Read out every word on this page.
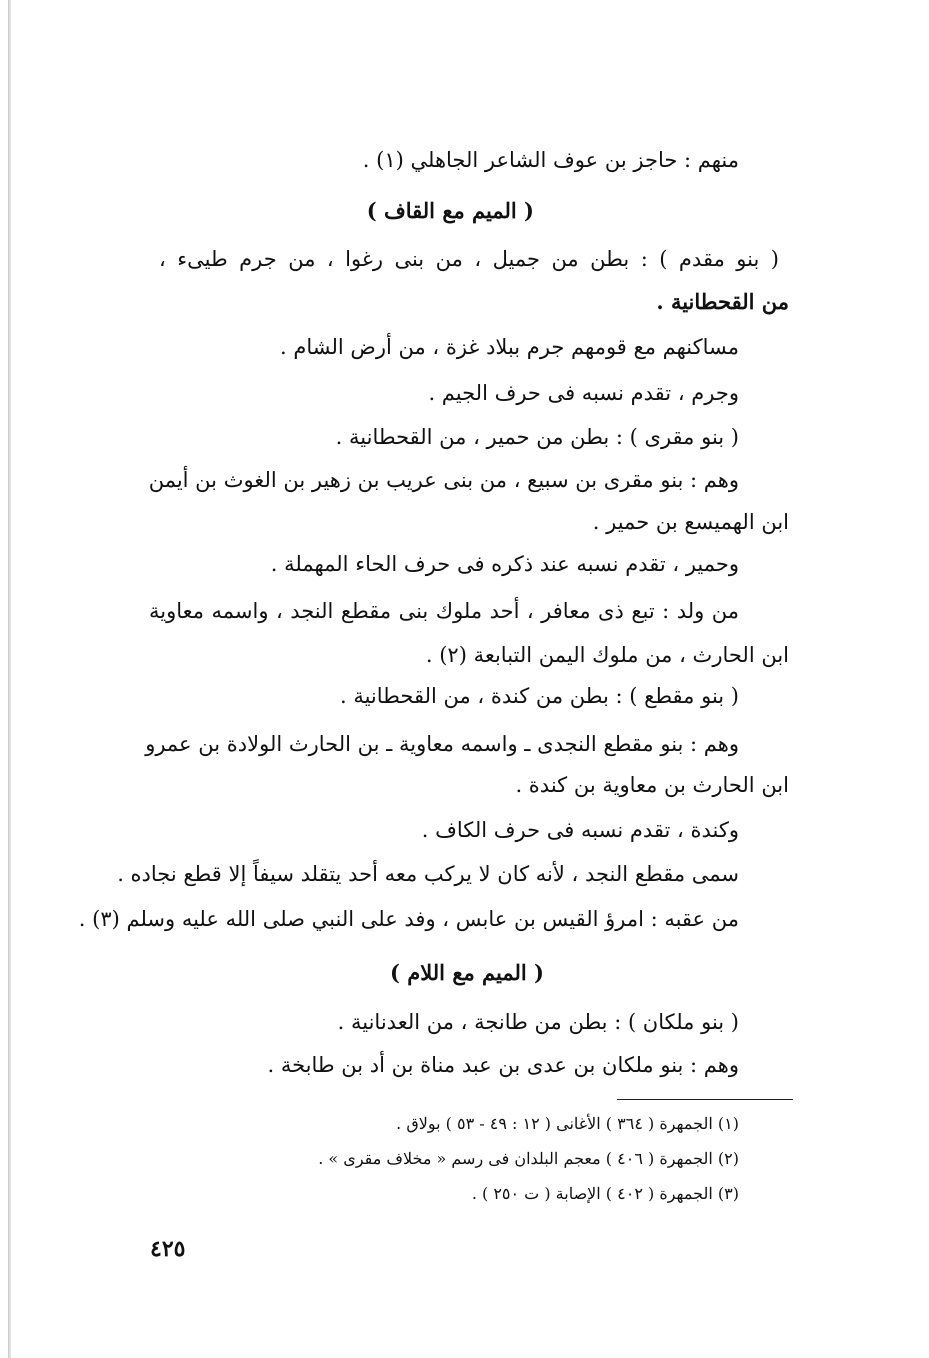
منهم : حاجز بن عوف الشاعر الجاهلي (١) .
( الميم مع القاف )
( بنو مقدم ) : بطن من جميل ، من بنى رغوا ، من جرم طيىء ،
من القحطانية .
مساكنهم مع قومهم جرم ببلاد غزة ، من أرض الشام .
وجرم ، تقدم نسبه فى حرف الجيم .
( بنو مقرى ) : بطن من حمير ، من القحطانية .
وهم : بنو مقرى بن سبيع ، من بنى عريب بن زهير بن الغوث بن أيمن
ابن الهميسع بن حمير .
وحمير ، تقدم نسبه عند ذكره فى حرف الحاء المهملة .
من ولد : تبع ذى معافر ، أحد ملوك بنى مقطع النجد ، واسمه معاوية
ابن الحارث ، من ملوك اليمن التبابعة (٢) .
( بنو مقطع ) : بطن من كندة ، من القحطانية .
وهم : بنو مقطع النجدى ـ واسمه معاوية ـ بن الحارث الولادة بن عمرو
ابن الحارث بن معاوية بن كندة .
وكندة ، تقدم نسبه فى حرف الكاف .
سمى مقطع النجد ، لأنه كان لا يركب معه أحد يتقلد سيفاً إلا قطع نجاده .
من عقبه : امرؤ القيس بن عابس ، وفد على النبي صلى الله عليه وسلم (٣) .
( الميم مع اللام )
( بنو ملكان ) : بطن من طانجة ، من العدنانية .
وهم : بنو ملكان بن عدى بن عبد مناة بن أد بن طابخة .
(١) الجمهرة ( ٣٦٤ ) الأغانى ( ١٢ : ٤٩ - ٥٣ ) بولاق .
(٢) الجمهرة ( ٤٠٦ ) معجم البلدان فى رسم « مخلاف مقرى » .
(٣) الجمهرة ( ٤٠٢ ) الإصابة ( ت ٢٥٠ ) .
٤٢٥
